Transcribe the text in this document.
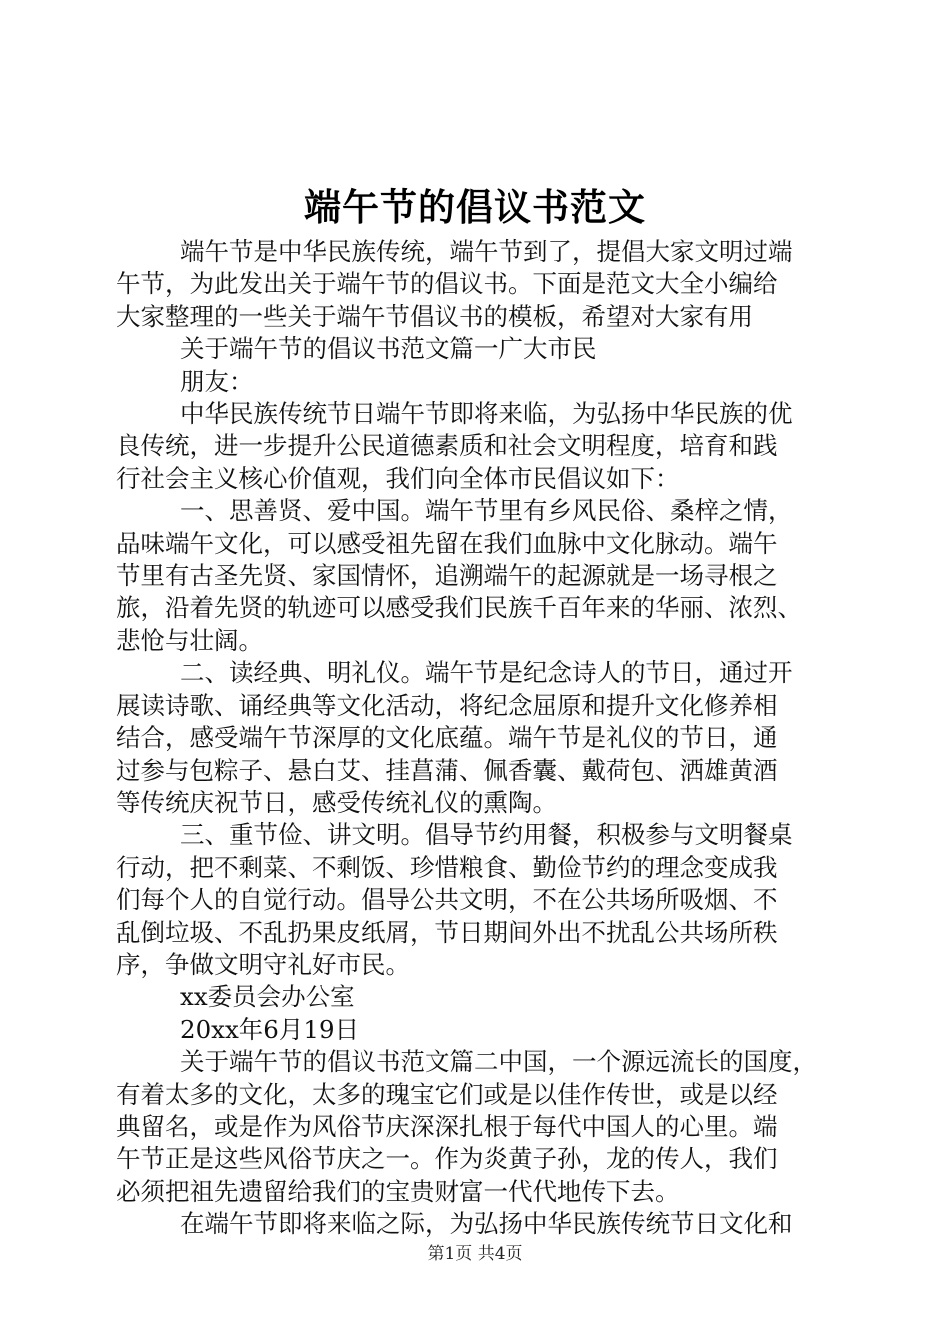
端午节的倡议书范文
端午节是中华民族传统，端午节到了，提倡大家文明过端
午节，为此发出关于端午节的倡议书。下面是范文大全小编给
大家整理的一些关于端午节倡议书的模板，希望对大家有用
关于端午节的倡议书范文篇一广大市民
朋友：
中华民族传统节日端午节即将来临，为弘扬中华民族的优
良传统，进一步提升公民道德素质和社会文明程度，培育和践
行社会主义核心价值观，我们向全体市民倡议如下：
一、思善贤、爱中国。端午节里有乡风民俗、桑梓之情，
品味端午文化，可以感受祖先留在我们血脉中文化脉动。端午
节里有古圣先贤、家国情怀，追溯端午的起源就是一场寻根之
旅，沿着先贤的轨迹可以感受我们民族千百年来的华丽、浓烈、
悲怆与壮阔。
二、读经典、明礼仪。端午节是纪念诗人的节日，通过开
展读诗歌、诵经典等文化活动，将纪念屈原和提升文化修养相
结合，感受端午节深厚的文化底蕴。端午节是礼仪的节日，通
过参与包粽子、悬白艾、挂菖蒲、佩香囊、戴荷包、洒雄黄酒
等传统庆祝节日，感受传统礼仪的熏陶。
三、重节俭、讲文明。倡导节约用餐，积极参与文明餐桌
行动，把不剩菜、不剩饭、珍惜粮食、勤俭节约的理念变成我
们每个人的自觉行动。倡导公共文明，不在公共场所吸烟、不
乱倒垃圾、不乱扔果皮纸屑，节日期间外出不扰乱公共场所秩
序，争做文明守礼好市民。
xx委员会办公室
20xx年6月19日
关于端午节的倡议书范文篇二中国，一个源远流长的国度，
有着太多的文化，太多的瑰宝它们或是以佳作传世，或是以经
典留名，或是作为风俗节庆深深扎根于每代中国人的心里。端
午节正是这些风俗节庆之一。作为炎黄子孙，龙的传人，我们
必须把祖先遗留给我们的宝贵财富一代代地传下去。
在端午节即将来临之际，为弘扬中华民族传统节日文化和
第1页 共4页
